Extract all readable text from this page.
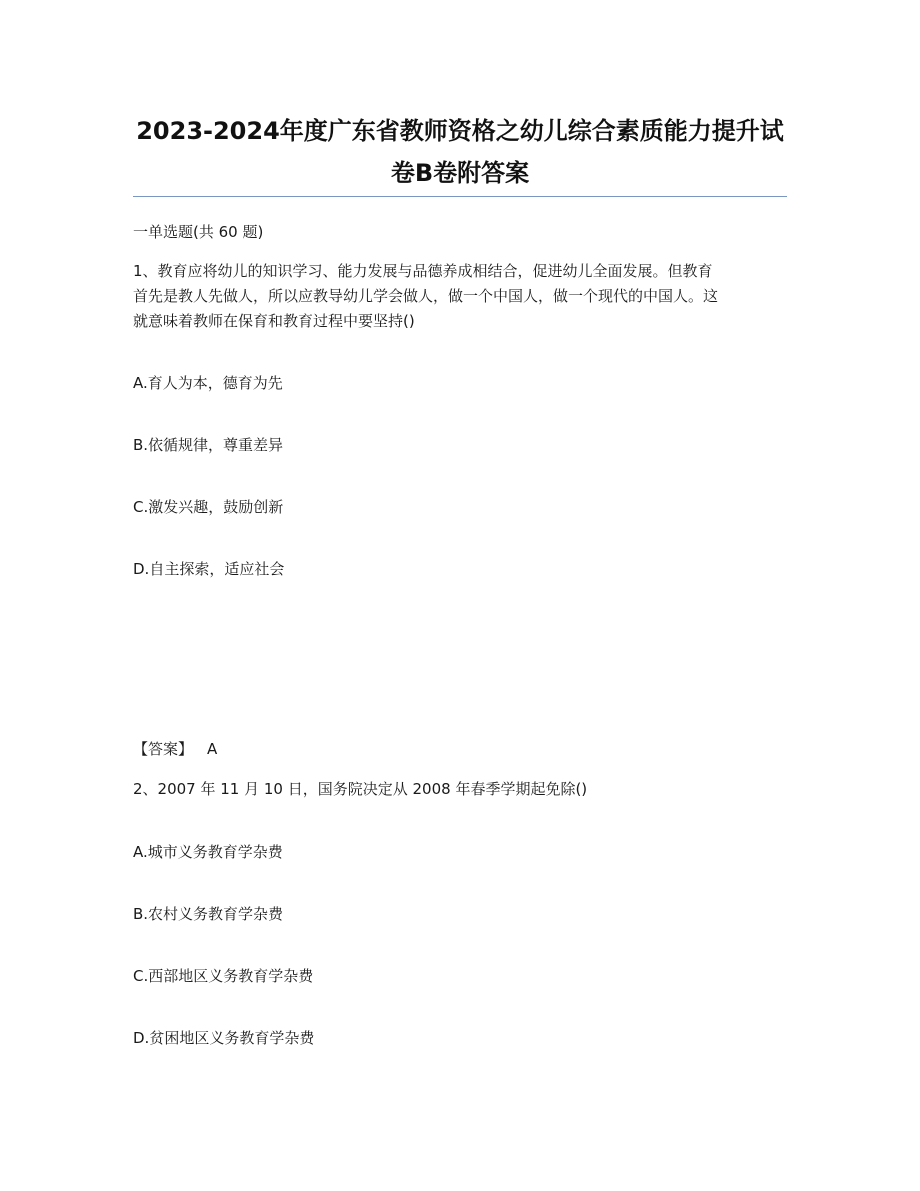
2023-2024年度广东省教师资格之幼儿综合素质能力提升试
卷B卷附答案
一单选题(共 60 题)
1、教育应将幼儿的知识学习、能力发展与品德养成相结合，促进幼儿全面发展。但教育
首先是教人先做人，所以应教导幼儿学会做人，做一个中国人，做一个现代的中国人。这
就意味着教师在保育和教育过程中要坚持()
A.育人为本，德育为先
B.依循规律，尊重差异
C.激发兴趣，鼓励创新
D.自主探索，适应社会
【答案】 A
2、2007 年 11 月 10 日，国务院决定从 2008 年春季学期起免除()
A.城市义务教育学杂费
B.农村义务教育学杂费
C.西部地区义务教育学杂费
D.贫困地区义务教育学杂费
